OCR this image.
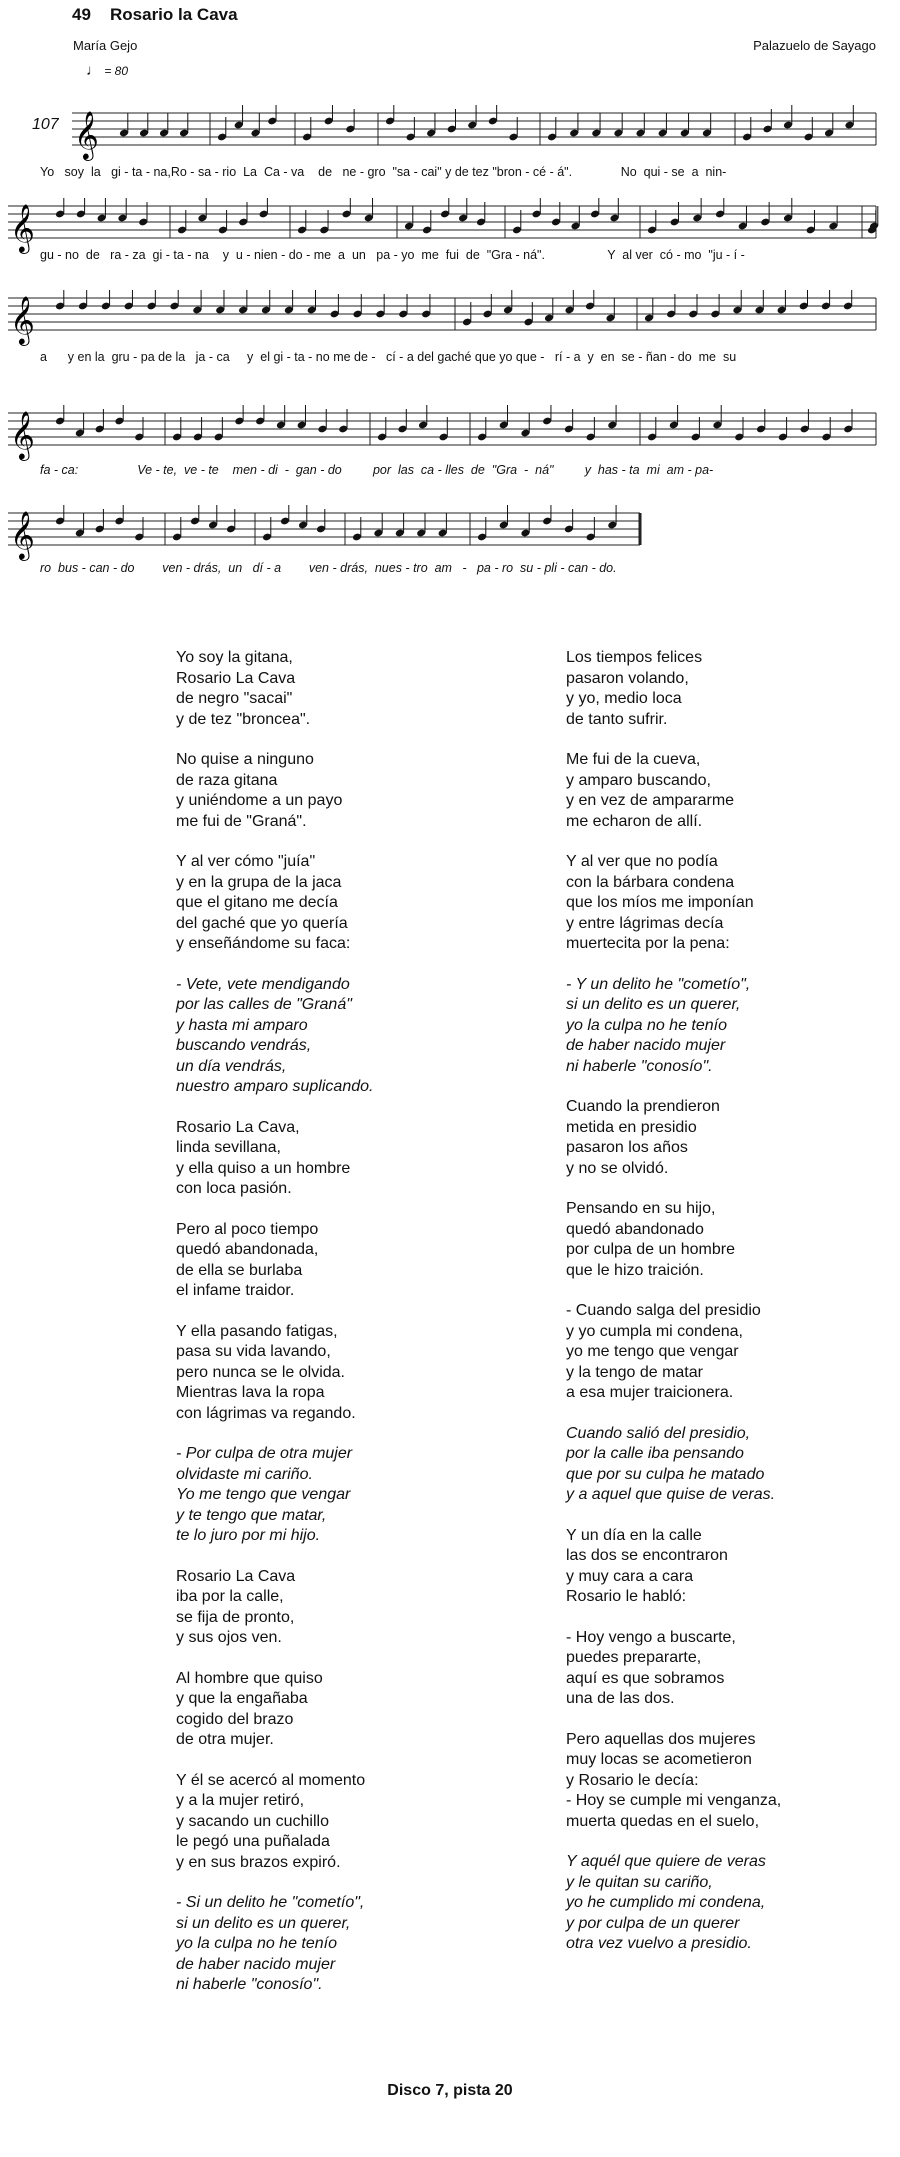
49 Rosario la Cava
María Gejo	Palazuelo de Sayago
♩ = 80
107 𝄞
Yo   soy  la   gi - ta - na,Ro - sa - rio  La  Ca - va    de   ne - gro  "sa - cai" y de tez "bron - cé - á".              No  qui - se  a  nin-
𝄞
gu - no  de   ra - za  gi - ta - na    y  u - nien - do - me  a  un   pa - yo  me  fui  de  "Gra - ná".                  Y  al ver  có - mo  "ju - í -
𝄞
a      y en la  gru - pa de la   ja - ca     y  el gi - ta - no me de -   cí - a del gaché que yo que -   rí - a  y  en  se - ñan - do  me  su
𝄞
fa - ca:                 Ve - te,  ve - te    men - di  -  gan - do         por  las  ca - lles  de  "Gra  -  ná"         y  has - ta  mi  am - pa-
𝄞
ro  bus - can - do        ven - drás,  un   dí - a        ven - drás,  nues - tro  am   -   pa - ro  su - pli - can - do.
Yo soy la gitana,
Rosario La Cava
de negro "sacai"
y de tez "broncea".
No quise a ninguno
de raza gitana
y uniéndome a un payo
me fui de "Graná".
Y al ver cómo "juía"
y en la grupa de la jaca
que el gitano me decía
del gaché que yo quería
y enseñándome su faca:
- Vete, vete mendigando
por las calles de "Graná"
y hasta mi amparo
buscando vendrás,
un día vendrás,
nuestro amparo suplicando.
Rosario La Cava,
linda sevillana,
y ella quiso a un hombre
con loca pasión.
Pero al poco tiempo
quedó abandonada,
de ella se burlaba
el infame traidor.
Y ella pasando fatigas,
pasa su vida lavando,
pero nunca se le olvida.
Mientras lava la ropa
con lágrimas va regando.
- Por culpa de otra mujer
olvidaste mi cariño.
Yo me tengo que vengar
y te tengo que matar,
te lo juro por mi hijo.
Rosario La Cava
iba por la calle,
se fija de pronto,
y sus ojos ven.
Al hombre que quiso
y que la engañaba
cogido del brazo
de otra mujer.
Y él se acercó al momento
y a la mujer retiró,
y sacando un cuchillo
le pegó una puñalada
y en sus brazos expiró.
- Si un delito he "cometío",
si un delito es un querer,
yo la culpa no he tenío
de haber nacido mujer
ni haberle "conosío".
Los tiempos felices
pasaron volando,
y yo, medio loca
de tanto sufrir.
Me fui de la cueva,
y amparo buscando,
y en vez de ampararme
me echaron de allí.
Y al ver que no podía
con la bárbara condena
que los míos me imponían
y entre lágrimas decía
muertecita por la pena:
- Y un delito he "cometío",
si un delito es un querer,
yo la culpa no he tenío
de haber nacido mujer
ni haberle "conosío".
Cuando la prendieron
metida en presidio
pasaron los años
y no se olvidó.
Pensando en su hijo,
quedó abandonado
por culpa de un hombre
que le hizo traición.
- Cuando salga del presidio
y yo cumpla mi condena,
yo me tengo que vengar
y la tengo de matar
a esa mujer traicionera.
Cuando salió del presidio,
por la calle iba pensando
que por su culpa he matado
y a aquel que quise de veras.
Y un día en la calle
las dos se encontraron
y muy cara a cara
Rosario le habló:
- Hoy vengo a buscarte,
puedes prepararte,
aquí es que sobramos
una de las dos.
Pero aquellas dos mujeres
muy locas se acometieron
y Rosario le decía:
- Hoy se cumple mi venganza,
muerta quedas en el suelo,
Y aquél que quiere de veras
y le quitan su cariño,
yo he cumplido mi condena,
y por culpa de un querer
otra vez vuelvo a presidio.
Disco 7, pista 20
